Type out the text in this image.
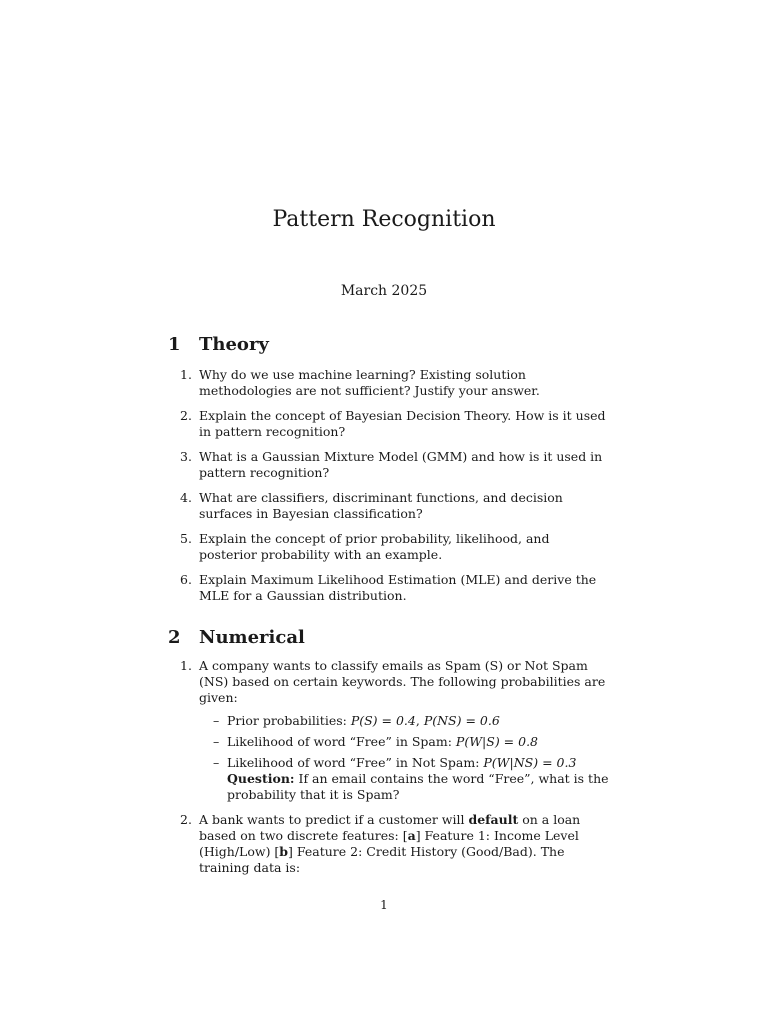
Pattern Recognition
March 2025
1 Theory
1. Why do we use machine learning? Existing solution methodologies are not sufficient? Justify your answer.
2. Explain the concept of Bayesian Decision Theory. How is it used in pattern recognition?
3. What is a Gaussian Mixture Model (GMM) and how is it used in pattern recognition?
4. What are classifiers, discriminant functions, and decision surfaces in Bayesian classification?
5. Explain the concept of prior probability, likelihood, and posterior probability with an example.
6. Explain Maximum Likelihood Estimation (MLE) and derive the MLE for a Gaussian distribution.
2 Numerical
1. A company wants to classify emails as Spam (S) or Not Spam (NS) based on certain keywords. The following probabilities are given:
– Prior probabilities: P(S) = 0.4, P(NS) = 0.6
– Likelihood of word “Free” in Spam: P(W|S) = 0.8
– Likelihood of word “Free” in Not Spam: P(W|NS) = 0.3
Question: If an email contains the word “Free”, what is the probability that it is Spam?
2. A bank wants to predict if a customer will default on a loan based on two discrete features: [a] Feature 1: Income Level (High/Low) [b] Feature 2: Credit History (Good/Bad). The training data is:
1
